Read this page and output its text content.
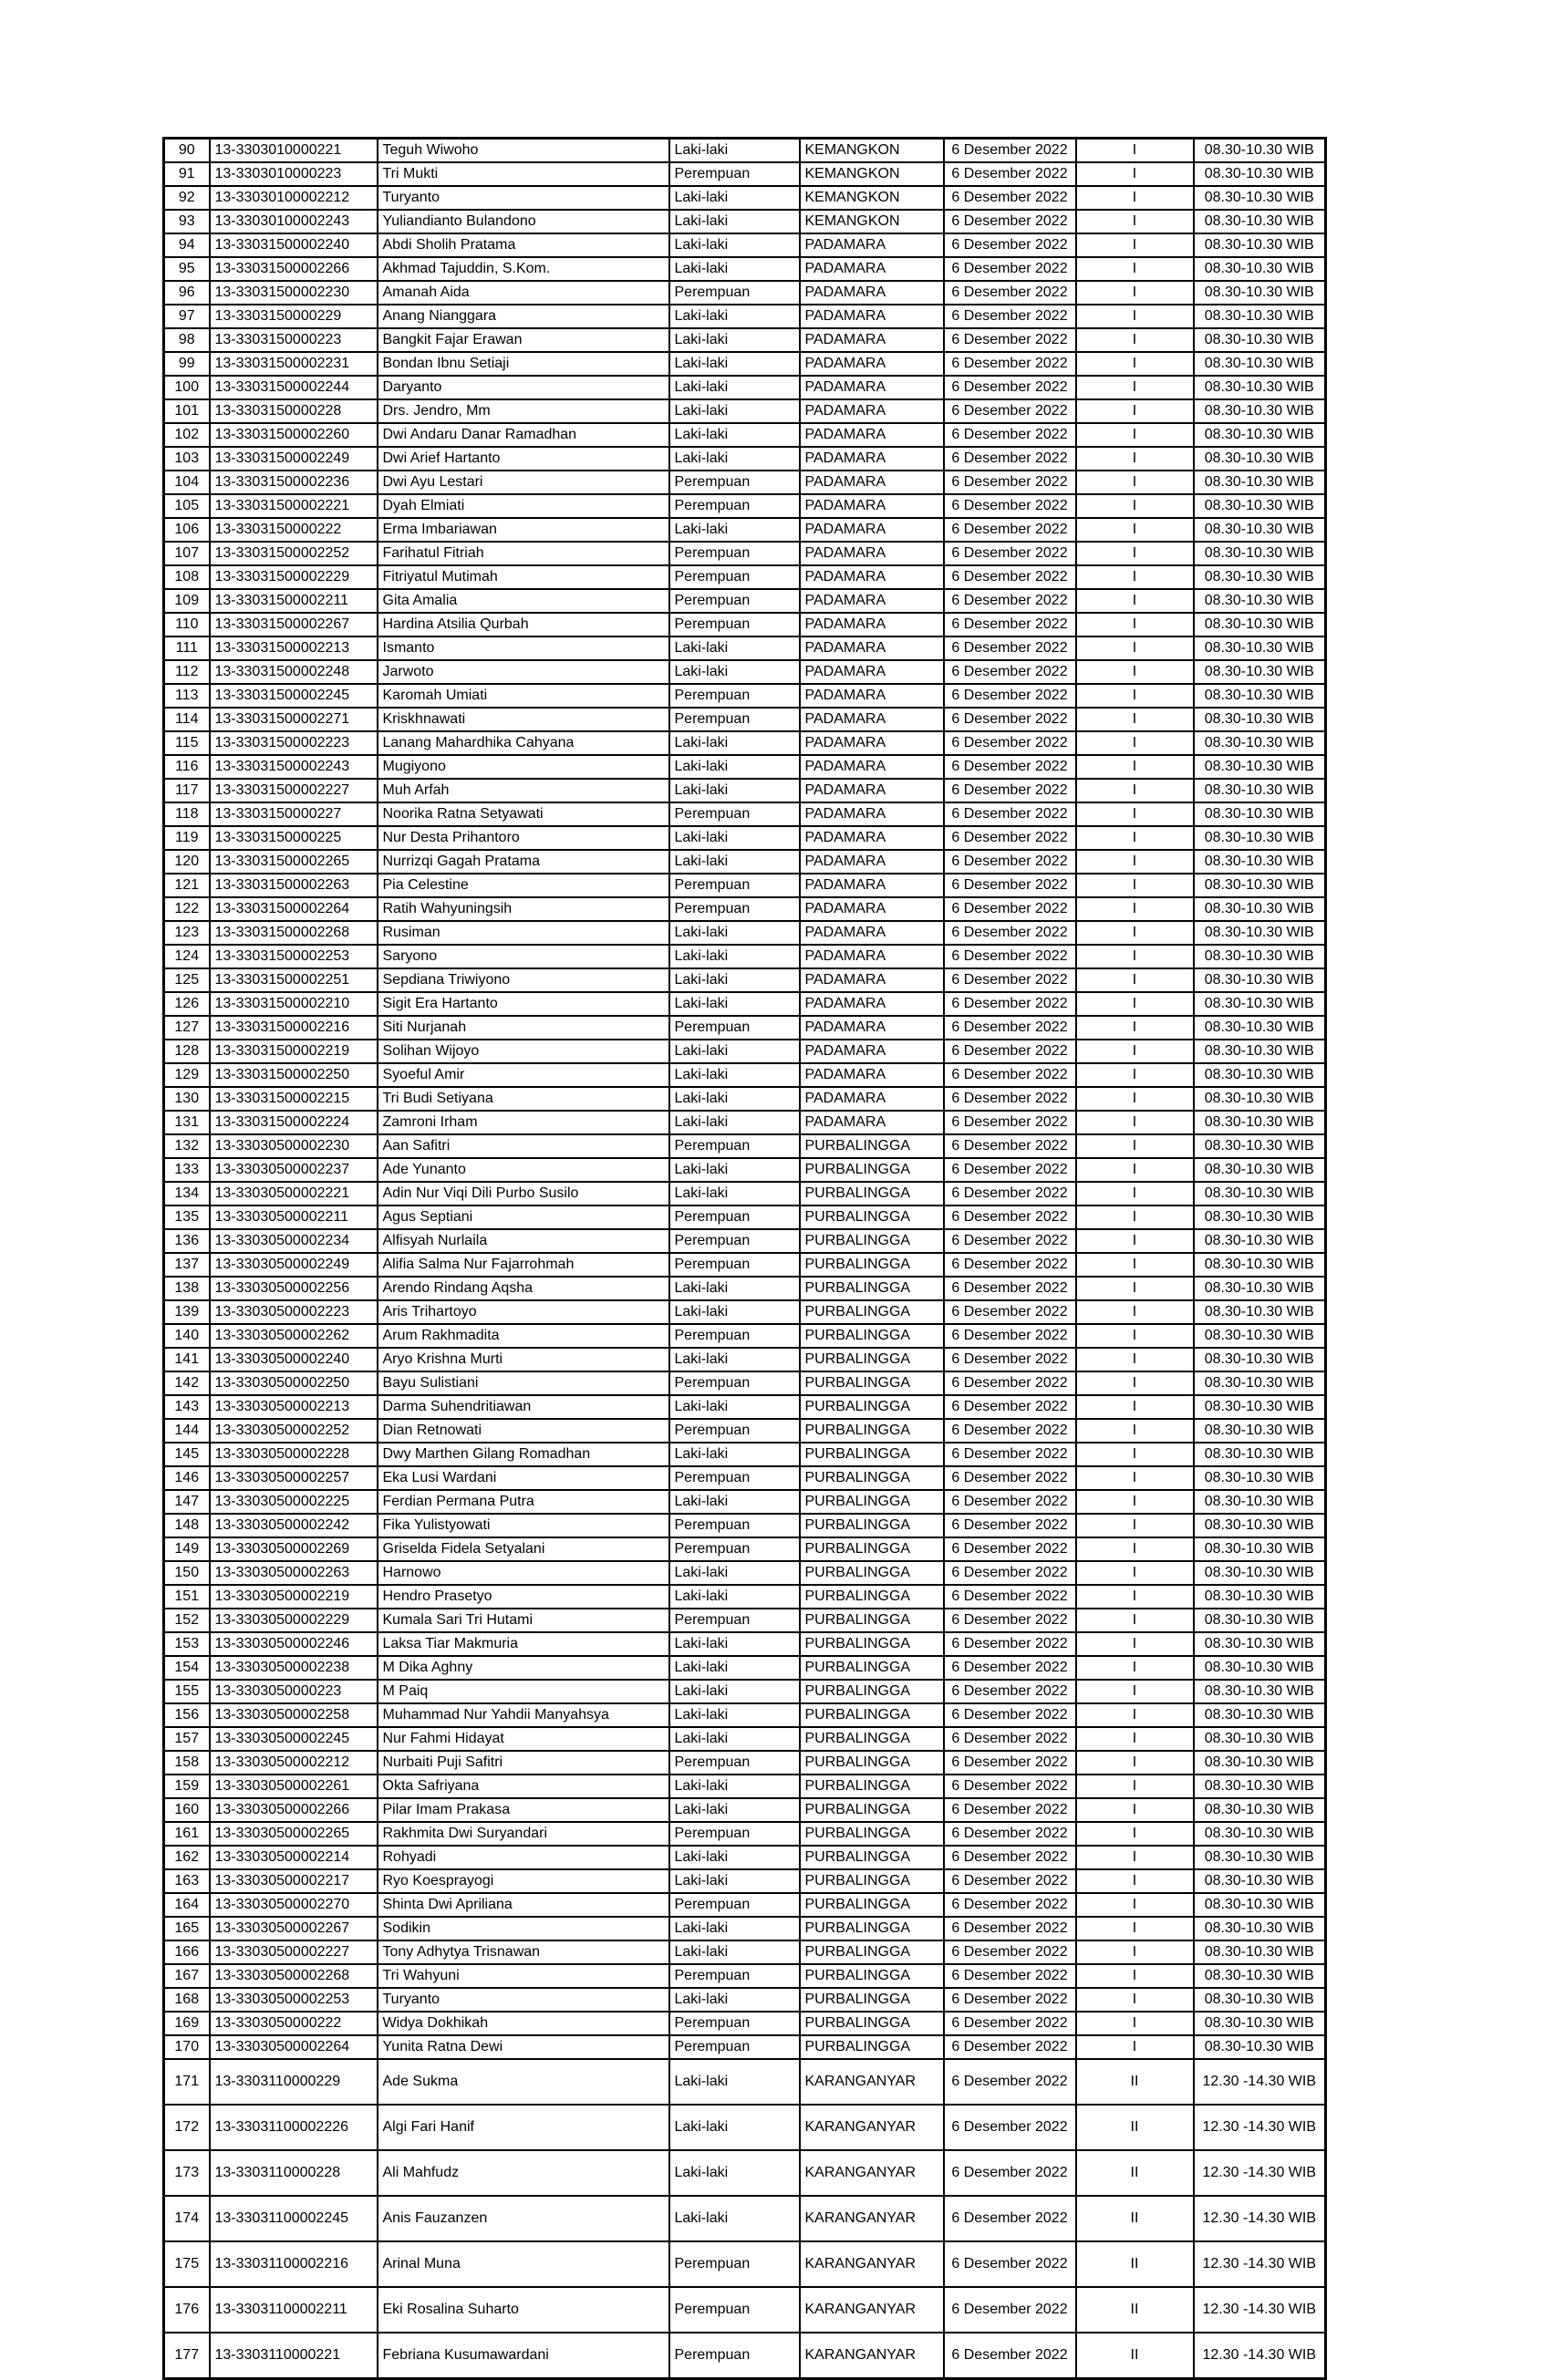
90	13-3303010000221	Teguh Wiwoho	Laki-laki	KEMANGKON	6 Desember 2022	I	08.30-10.30 WIB
91	13-3303010000223	Tri Mukti	Perempuan	KEMANGKON	6 Desember 2022	I	08.30-10.30 WIB
92	13-33030100002212	Turyanto	Laki-laki	KEMANGKON	6 Desember 2022	I	08.30-10.30 WIB
93	13-33030100002243	Yuliandianto Bulandono	Laki-laki	KEMANGKON	6 Desember 2022	I	08.30-10.30 WIB
94	13-33031500002240	Abdi Sholih Pratama	Laki-laki	PADAMARA	6 Desember 2022	I	08.30-10.30 WIB
95	13-33031500002266	Akhmad Tajuddin, S.Kom.	Laki-laki	PADAMARA	6 Desember 2022	I	08.30-10.30 WIB
96	13-33031500002230	Amanah Aida	Perempuan	PADAMARA	6 Desember 2022	I	08.30-10.30 WIB
97	13-3303150000229	Anang Nianggara	Laki-laki	PADAMARA	6 Desember 2022	I	08.30-10.30 WIB
98	13-3303150000223	Bangkit Fajar Erawan	Laki-laki	PADAMARA	6 Desember 2022	I	08.30-10.30 WIB
99	13-33031500002231	Bondan Ibnu Setiaji	Laki-laki	PADAMARA	6 Desember 2022	I	08.30-10.30 WIB
100	13-33031500002244	Daryanto	Laki-laki	PADAMARA	6 Desember 2022	I	08.30-10.30 WIB
101	13-3303150000228	Drs. Jendro, Mm	Laki-laki	PADAMARA	6 Desember 2022	I	08.30-10.30 WIB
102	13-33031500002260	Dwi Andaru Danar Ramadhan	Laki-laki	PADAMARA	6 Desember 2022	I	08.30-10.30 WIB
103	13-33031500002249	Dwi Arief Hartanto	Laki-laki	PADAMARA	6 Desember 2022	I	08.30-10.30 WIB
104	13-33031500002236	Dwi Ayu Lestari	Perempuan	PADAMARA	6 Desember 2022	I	08.30-10.30 WIB
105	13-33031500002221	Dyah Elmiati	Perempuan	PADAMARA	6 Desember 2022	I	08.30-10.30 WIB
106	13-3303150000222	Erma Imbariawan	Laki-laki	PADAMARA	6 Desember 2022	I	08.30-10.30 WIB
107	13-33031500002252	Farihatul Fitriah	Perempuan	PADAMARA	6 Desember 2022	I	08.30-10.30 WIB
108	13-33031500002229	Fitriyatul Mutimah	Perempuan	PADAMARA	6 Desember 2022	I	08.30-10.30 WIB
109	13-33031500002211	Gita Amalia	Perempuan	PADAMARA	6 Desember 2022	I	08.30-10.30 WIB
110	13-33031500002267	Hardina Atsilia Qurbah	Perempuan	PADAMARA	6 Desember 2022	I	08.30-10.30 WIB
111	13-33031500002213	Ismanto	Laki-laki	PADAMARA	6 Desember 2022	I	08.30-10.30 WIB
112	13-33031500002248	Jarwoto	Laki-laki	PADAMARA	6 Desember 2022	I	08.30-10.30 WIB
113	13-33031500002245	Karomah Umiati	Perempuan	PADAMARA	6 Desember 2022	I	08.30-10.30 WIB
114	13-33031500002271	Kriskhnawati	Perempuan	PADAMARA	6 Desember 2022	I	08.30-10.30 WIB
115	13-33031500002223	Lanang Mahardhika Cahyana	Laki-laki	PADAMARA	6 Desember 2022	I	08.30-10.30 WIB
116	13-33031500002243	Mugiyono	Laki-laki	PADAMARA	6 Desember 2022	I	08.30-10.30 WIB
117	13-33031500002227	Muh Arfah	Laki-laki	PADAMARA	6 Desember 2022	I	08.30-10.30 WIB
118	13-3303150000227	Noorika Ratna Setyawati	Perempuan	PADAMARA	6 Desember 2022	I	08.30-10.30 WIB
119	13-3303150000225	Nur Desta Prihantoro	Laki-laki	PADAMARA	6 Desember 2022	I	08.30-10.30 WIB
120	13-33031500002265	Nurrizqi Gagah Pratama	Laki-laki	PADAMARA	6 Desember 2022	I	08.30-10.30 WIB
121	13-33031500002263	Pia Celestine	Perempuan	PADAMARA	6 Desember 2022	I	08.30-10.30 WIB
122	13-33031500002264	Ratih Wahyuningsih	Perempuan	PADAMARA	6 Desember 2022	I	08.30-10.30 WIB
123	13-33031500002268	Rusiman	Laki-laki	PADAMARA	6 Desember 2022	I	08.30-10.30 WIB
124	13-33031500002253	Saryono	Laki-laki	PADAMARA	6 Desember 2022	I	08.30-10.30 WIB
125	13-33031500002251	Sepdiana Triwiyono	Laki-laki	PADAMARA	6 Desember 2022	I	08.30-10.30 WIB
126	13-33031500002210	Sigit Era Hartanto	Laki-laki	PADAMARA	6 Desember 2022	I	08.30-10.30 WIB
127	13-33031500002216	Siti Nurjanah	Perempuan	PADAMARA	6 Desember 2022	I	08.30-10.30 WIB
128	13-33031500002219	Solihan Wijoyo	Laki-laki	PADAMARA	6 Desember 2022	I	08.30-10.30 WIB
129	13-33031500002250	Syoeful Amir	Laki-laki	PADAMARA	6 Desember 2022	I	08.30-10.30 WIB
130	13-33031500002215	Tri Budi Setiyana	Laki-laki	PADAMARA	6 Desember 2022	I	08.30-10.30 WIB
131	13-33031500002224	Zamroni Irham	Laki-laki	PADAMARA	6 Desember 2022	I	08.30-10.30 WIB
132	13-33030500002230	Aan Safitri	Perempuan	PURBALINGGA	6 Desember 2022	I	08.30-10.30 WIB
133	13-33030500002237	Ade Yunanto	Laki-laki	PURBALINGGA	6 Desember 2022	I	08.30-10.30 WIB
134	13-33030500002221	Adin Nur Viqi Dili Purbo Susilo	Laki-laki	PURBALINGGA	6 Desember 2022	I	08.30-10.30 WIB
135	13-33030500002211	Agus Septiani	Perempuan	PURBALINGGA	6 Desember 2022	I	08.30-10.30 WIB
136	13-33030500002234	Alfisyah Nurlaila	Perempuan	PURBALINGGA	6 Desember 2022	I	08.30-10.30 WIB
137	13-33030500002249	Alifia Salma Nur Fajarrohmah	Perempuan	PURBALINGGA	6 Desember 2022	I	08.30-10.30 WIB
138	13-33030500002256	Arendo Rindang Aqsha	Laki-laki	PURBALINGGA	6 Desember 2022	I	08.30-10.30 WIB
139	13-33030500002223	Aris Trihartoyo	Laki-laki	PURBALINGGA	6 Desember 2022	I	08.30-10.30 WIB
140	13-33030500002262	Arum Rakhmadita	Perempuan	PURBALINGGA	6 Desember 2022	I	08.30-10.30 WIB
141	13-33030500002240	Aryo Krishna Murti	Laki-laki	PURBALINGGA	6 Desember 2022	I	08.30-10.30 WIB
142	13-33030500002250	Bayu Sulistiani	Perempuan	PURBALINGGA	6 Desember 2022	I	08.30-10.30 WIB
143	13-33030500002213	Darma Suhendritiawan	Laki-laki	PURBALINGGA	6 Desember 2022	I	08.30-10.30 WIB
144	13-33030500002252	Dian Retnowati	Perempuan	PURBALINGGA	6 Desember 2022	I	08.30-10.30 WIB
145	13-33030500002228	Dwy Marthen Gilang Romadhan	Laki-laki	PURBALINGGA	6 Desember 2022	I	08.30-10.30 WIB
146	13-33030500002257	Eka Lusi Wardani	Perempuan	PURBALINGGA	6 Desember 2022	I	08.30-10.30 WIB
147	13-33030500002225	Ferdian Permana Putra	Laki-laki	PURBALINGGA	6 Desember 2022	I	08.30-10.30 WIB
148	13-33030500002242	Fika Yulistyowati	Perempuan	PURBALINGGA	6 Desember 2022	I	08.30-10.30 WIB
149	13-33030500002269	Griselda Fidela Setyalani	Perempuan	PURBALINGGA	6 Desember 2022	I	08.30-10.30 WIB
150	13-33030500002263	Harnowo	Laki-laki	PURBALINGGA	6 Desember 2022	I	08.30-10.30 WIB
151	13-33030500002219	Hendro Prasetyo	Laki-laki	PURBALINGGA	6 Desember 2022	I	08.30-10.30 WIB
152	13-33030500002229	Kumala Sari Tri Hutami	Perempuan	PURBALINGGA	6 Desember 2022	I	08.30-10.30 WIB
153	13-33030500002246	Laksa Tiar Makmuria	Laki-laki	PURBALINGGA	6 Desember 2022	I	08.30-10.30 WIB
154	13-33030500002238	M Dika Aghny	Laki-laki	PURBALINGGA	6 Desember 2022	I	08.30-10.30 WIB
155	13-3303050000223	M Paiq	Laki-laki	PURBALINGGA	6 Desember 2022	I	08.30-10.30 WIB
156	13-33030500002258	Muhammad Nur Yahdii Manyahsya	Laki-laki	PURBALINGGA	6 Desember 2022	I	08.30-10.30 WIB
157	13-33030500002245	Nur Fahmi Hidayat	Laki-laki	PURBALINGGA	6 Desember 2022	I	08.30-10.30 WIB
158	13-33030500002212	Nurbaiti Puji Safitri	Perempuan	PURBALINGGA	6 Desember 2022	I	08.30-10.30 WIB
159	13-33030500002261	Okta Safriyana	Laki-laki	PURBALINGGA	6 Desember 2022	I	08.30-10.30 WIB
160	13-33030500002266	Pilar Imam Prakasa	Laki-laki	PURBALINGGA	6 Desember 2022	I	08.30-10.30 WIB
161	13-33030500002265	Rakhmita Dwi Suryandari	Perempuan	PURBALINGGA	6 Desember 2022	I	08.30-10.30 WIB
162	13-33030500002214	Rohyadi	Laki-laki	PURBALINGGA	6 Desember 2022	I	08.30-10.30 WIB
163	13-33030500002217	Ryo Koesprayogi	Laki-laki	PURBALINGGA	6 Desember 2022	I	08.30-10.30 WIB
164	13-33030500002270	Shinta Dwi Apriliana	Perempuan	PURBALINGGA	6 Desember 2022	I	08.30-10.30 WIB
165	13-33030500002267	Sodikin	Laki-laki	PURBALINGGA	6 Desember 2022	I	08.30-10.30 WIB
166	13-33030500002227	Tony Adhytya Trisnawan	Laki-laki	PURBALINGGA	6 Desember 2022	I	08.30-10.30 WIB
167	13-33030500002268	Tri Wahyuni	Perempuan	PURBALINGGA	6 Desember 2022	I	08.30-10.30 WIB
168	13-33030500002253	Turyanto	Laki-laki	PURBALINGGA	6 Desember 2022	I	08.30-10.30 WIB
169	13-3303050000222	Widya Dokhikah	Perempuan	PURBALINGGA	6 Desember 2022	I	08.30-10.30 WIB
170	13-33030500002264	Yunita Ratna Dewi	Perempuan	PURBALINGGA	6 Desember 2022	I	08.30-10.30 WIB
171	13-3303110000229	Ade Sukma	Laki-laki	KARANGANYAR	6 Desember 2022	II	12.30 -14.30 WIB
172	13-33031100002226	Algi Fari Hanif	Laki-laki	KARANGANYAR	6 Desember 2022	II	12.30 -14.30 WIB
173	13-3303110000228	Ali Mahfudz	Laki-laki	KARANGANYAR	6 Desember 2022	II	12.30 -14.30 WIB
174	13-33031100002245	Anis Fauzanzen	Laki-laki	KARANGANYAR	6 Desember 2022	II	12.30 -14.30 WIB
175	13-33031100002216	Arinal Muna	Perempuan	KARANGANYAR	6 Desember 2022	II	12.30 -14.30 WIB
176	13-33031100002211	Eki Rosalina Suharto	Perempuan	KARANGANYAR	6 Desember 2022	II	12.30 -14.30 WIB
177	13-3303110000221	Febriana Kusumawardani	Perempuan	KARANGANYAR	6 Desember 2022	II	12.30 -14.30 WIB
